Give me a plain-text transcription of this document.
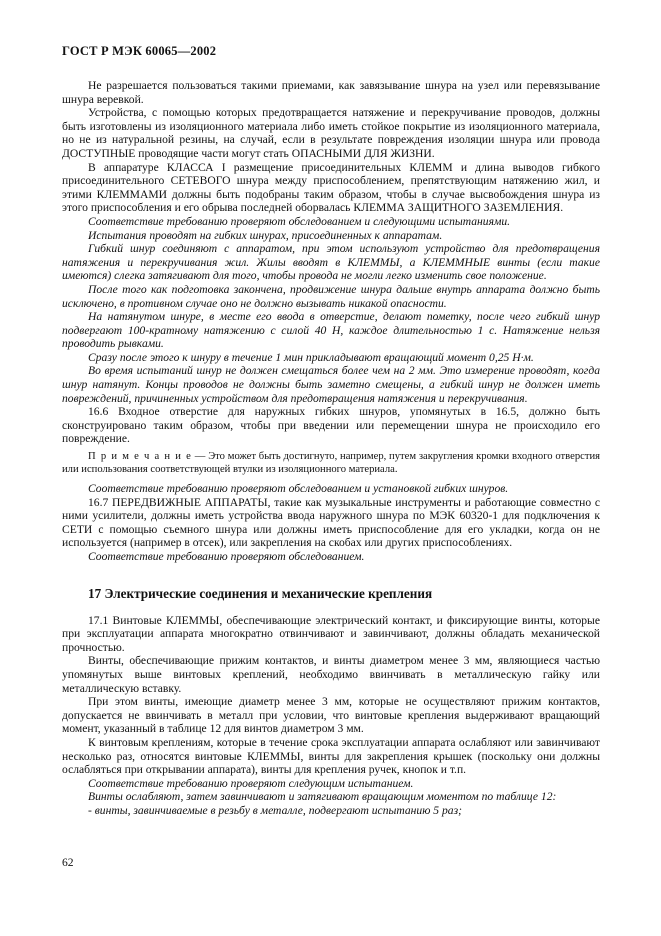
ГОСТ Р МЭК 60065—2002

Не разрешается пользоваться такими приемами, как завязывание шнура на узел или перевязывание шнура веревкой.

Устройства, с помощью которых предотвращается натяжение и перекручивание проводов, должны быть изготовлены из изоляционного материала либо иметь стойкое покрытие из изоляционного материала, но не из натуральной резины, на случай, если в результате повреждения изоляции шнура или провода ДОСТУПНЫЕ проводящие части могут стать ОПАСНЫМИ ДЛЯ ЖИЗНИ.

В аппаратуре КЛАССА I размещение присоединительных КЛЕММ и длина выводов гибкого присоединительного СЕТЕВОГО шнура между приспособлением, препятствующим натяжению жил, и этими КЛЕММАМИ должны быть подобраны таким образом, чтобы в случае высвобождения шнура из этого приспособления и его обрыва последней оборвалась КЛЕММА ЗАЩИТНОГО ЗАЗЕМЛЕНИЯ.

Соответствие требованию проверяют обследованием и следующими испытаниями.

Испытания проводят на гибких шнурах, присоединенных к аппаратам.

Гибкий шнур соединяют с аппаратом, при этом используют устройство для предотвращения натяжения и перекручивания жил. Жилы вводят в КЛЕММЫ, а КЛЕММНЫЕ винты (если такие имеются) слегка затягивают для того, чтобы провода не могли легко изменить свое положение.

После того как подготовка закончена, продвижение шнура дальше внутрь аппарата должно быть исключено, в противном случае оно не должно вызывать никакой опасности.

На натянутом шнуре, в месте его ввода в отверстие, делают пометку, после чего гибкий шнур подвергают 100-кратному натяжению с силой 40 Н, каждое длительностью 1 с. Натяжение нельзя проводить рывками.

Сразу после этого к шнуру в течение 1 мин прикладывают вращающий момент 0,25 Н·м.

Во время испытаний шнур не должен смещаться более чем на 2 мм. Это измерение проводят, когда шнур натянут. Концы проводов не должны быть заметно смещены, а гибкий шнур не должен иметь повреждений, причиненных устройством для предотвращения натяжения и перекручивания.

16.6 Входное отверстие для наружных гибких шнуров, упомянутых в 16.5, должно быть сконструировано таким образом, чтобы при введении или перемещении шнура не происходило его повреждение.

П р и м е ч а н и е — Это может быть достигнуто, например, путем закругления кромки входного отверстия или использования соответствующей втулки из изоляционного материала.

Соответствие требованию проверяют обследованием и установкой гибких шнуров.

16.7 ПЕРЕДВИЖНЫЕ АППАРАТЫ, такие как музыкальные инструменты и работающие совместно с ними усилители, должны иметь устройства ввода наружного шнура по МЭК 60320-1 для подключения к СЕТИ с помощью съемного шнура или должны иметь приспособление для его укладки, когда он не используется (например в отсек), или закрепления на скобах или других приспособлениях.

Соответствие требованию проверяют обследованием.

17 Электрические соединения и механические крепления

17.1 Винтовые КЛЕММЫ, обеспечивающие электрический контакт, и фиксирующие винты, которые при эксплуатации аппарата многократно отвинчивают и завинчивают, должны обладать механической прочностью.

Винты, обеспечивающие прижим контактов, и винты диаметром менее 3 мм, являющиеся частью упомянутых выше винтовых креплений, необходимо ввинчивать в металлическую гайку или металлическую вставку.

При этом винты, имеющие диаметр менее 3 мм, которые не осуществляют прижим контактов, допускается не ввинчивать в металл при условии, что винтовые крепления выдерживают вращающий момент, указанный в таблице 12 для винтов диаметром 3 мм.

К винтовым креплениям, которые в течение срока эксплуатации аппарата ослабляют или завинчивают несколько раз, относятся винтовые КЛЕММЫ, винты для закрепления крышек (поскольку они должны ослабляться при открывании аппарата), винты для крепления ручек, кнопок и т.п.

Соответствие требованию проверяют следующим испытанием.

Винты ослабляют, затем завинчивают и затягивают вращающим моментом по таблице 12:

- винты, завинчиваемые в резьбу в металле, подвергают испытанию 5 раз;

62
